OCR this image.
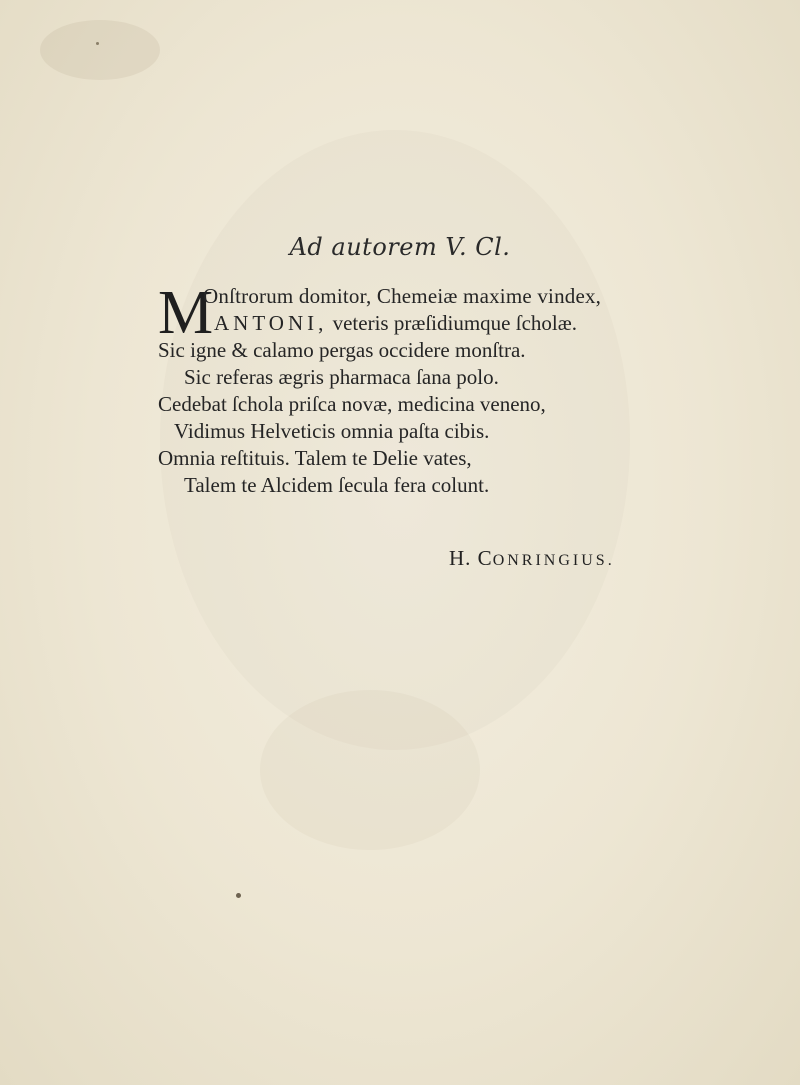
Ad autorem V. Cl.
M
Onſtrorum domitor, Chemeiæ maxime vindex,
ANTONI, veteris præſidiumque ſcholæ.
Sic igne & calamo pergas occidere monſtra.
Sic referas ægris pharmaca ſana polo.
Cedebat ſchola priſca novæ, medicina veneno,
Vidimus Helveticis omnia paſta cibis.
Omnia reſtituis. Talem te Delie vates,
Talem te Alcidem ſecula fera colunt.
H. CONRINGIUS.
